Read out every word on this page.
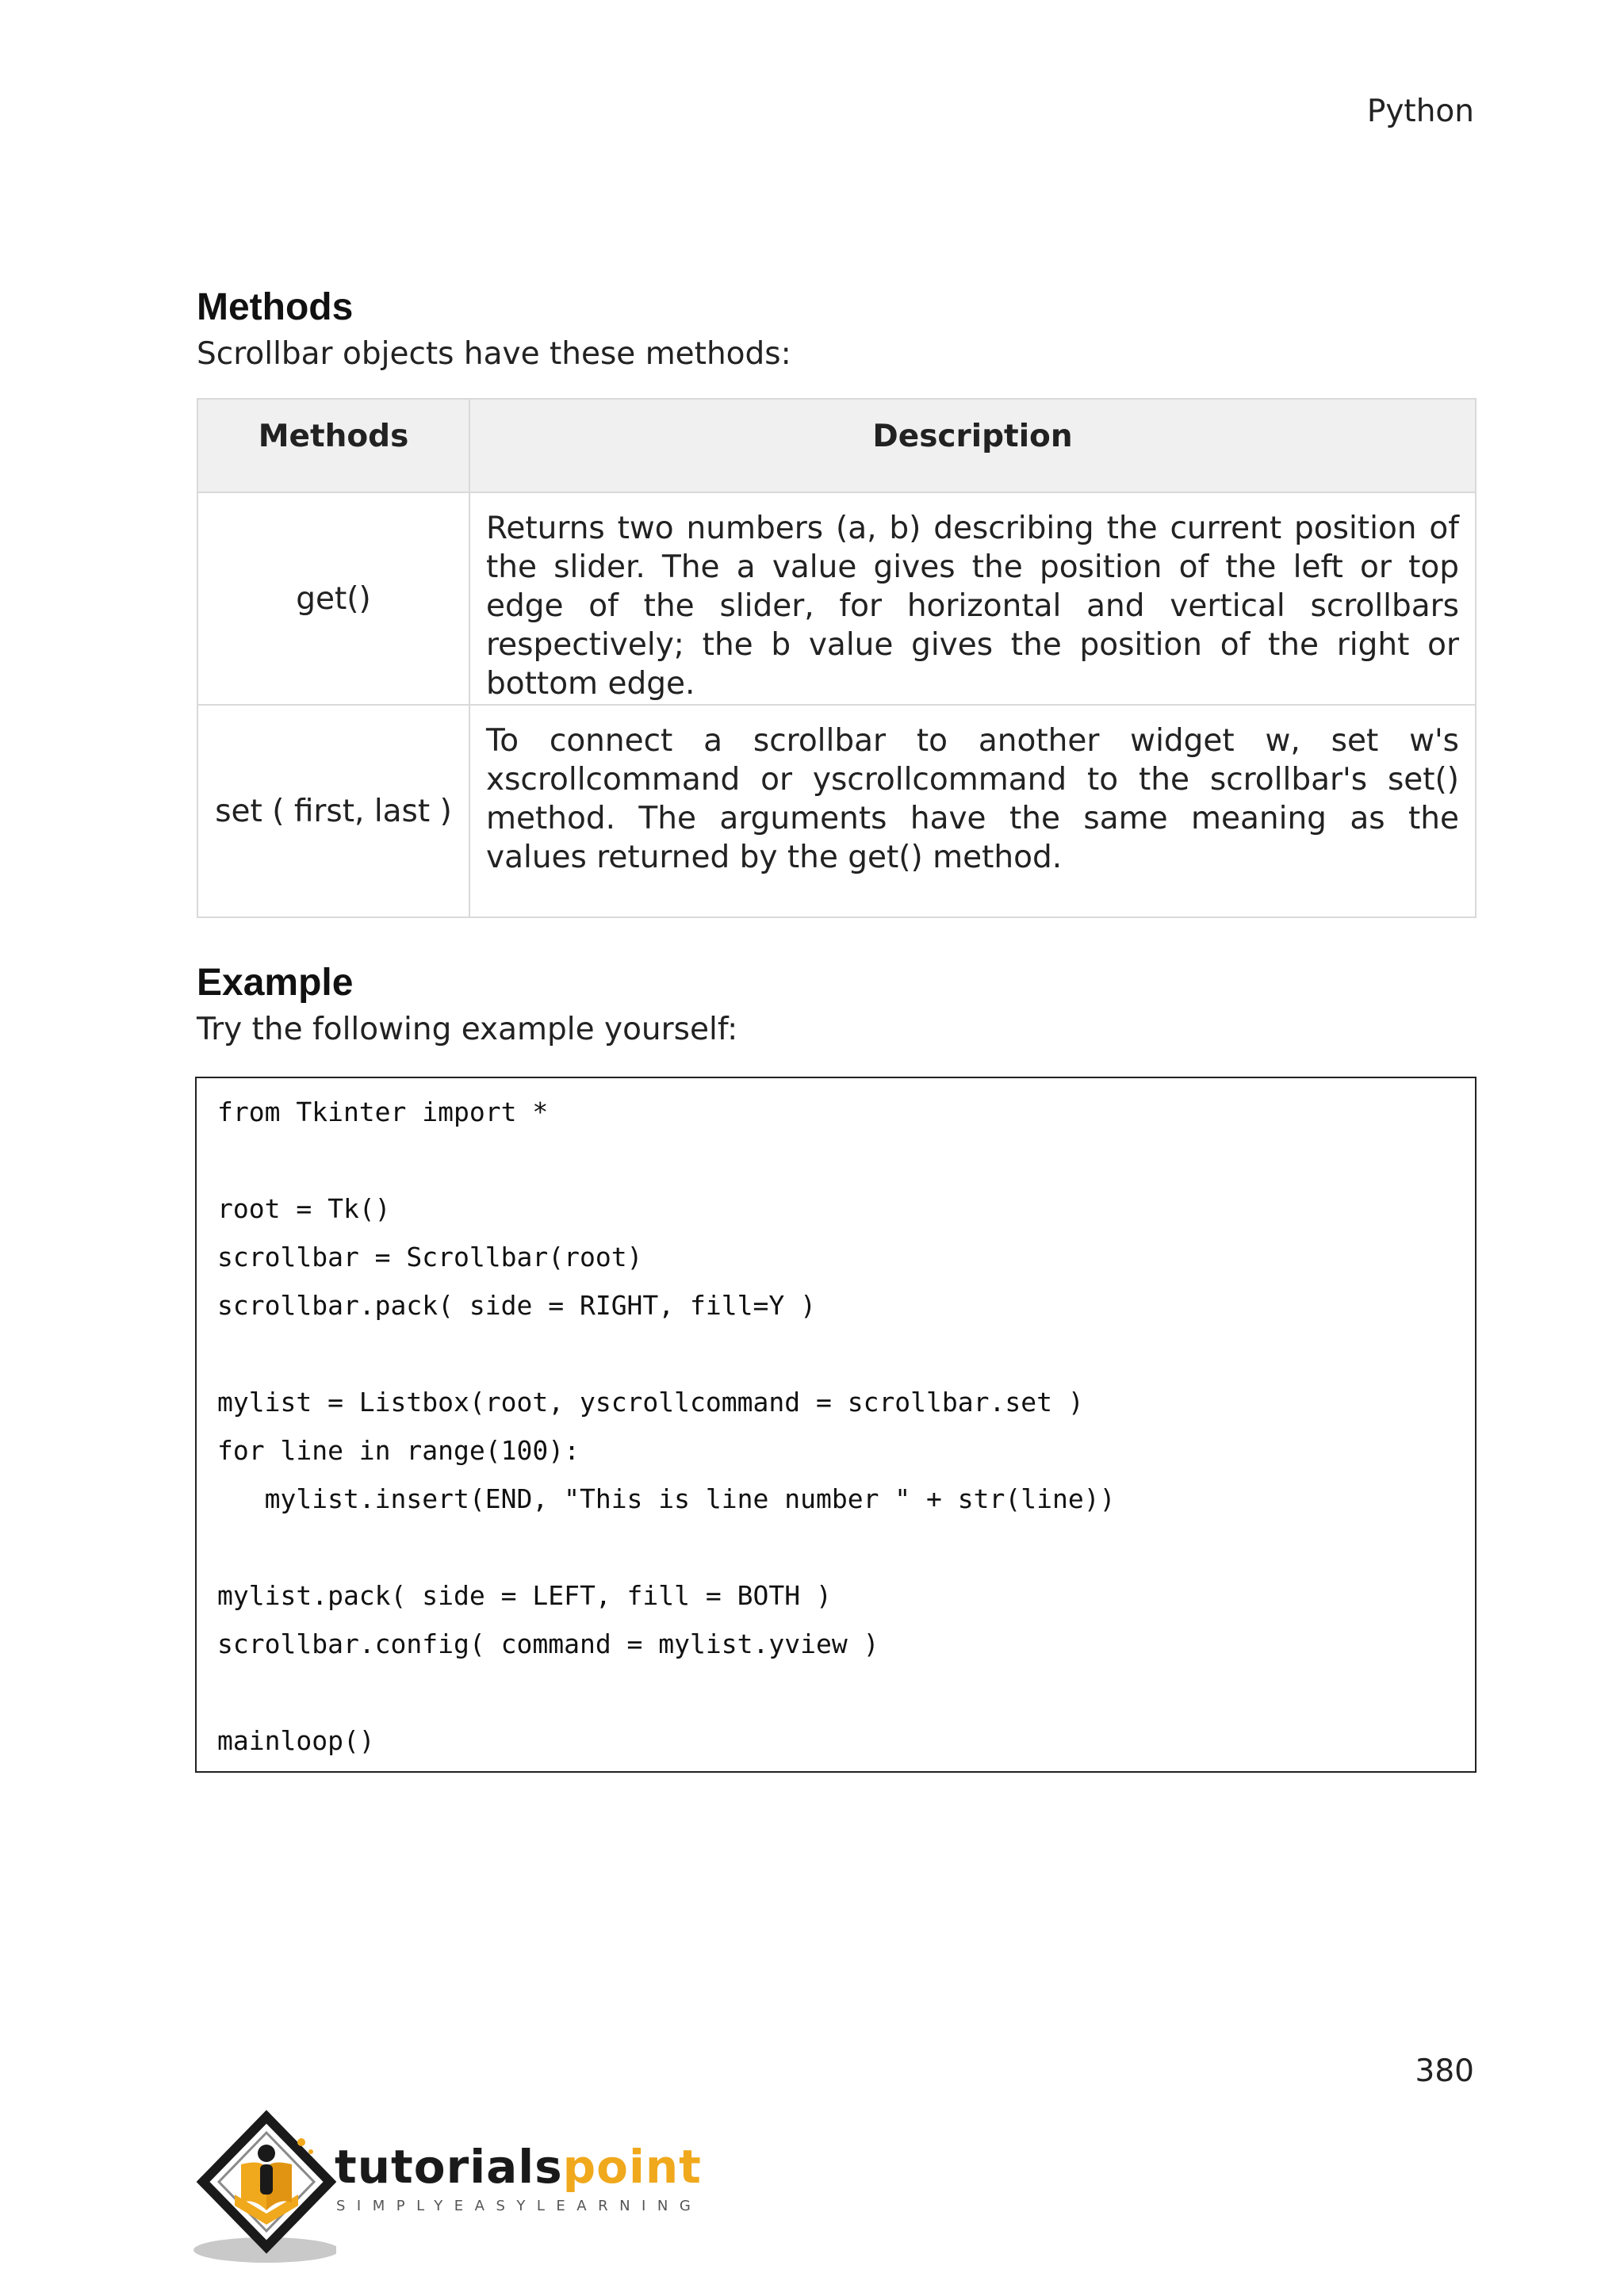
Python
Methods
Scrollbar objects have these methods:
Methods	Description
get()	Returns two numbers (a, b) describing the current position of the slider. The a value gives the position of the left or top edge of the slider, for horizontal and vertical scrollbars respectively; the b value gives the position of the right or bottom edge.
set ( first, last )	To connect a scrollbar to another widget w, set w's xscrollcommand or yscrollcommand to the scrollbar's set() method. The arguments have the same meaning as the values returned by the get() method.
Example
Try the following example yourself:
from Tkinter import *
root = Tk()
scrollbar = Scrollbar(root)
scrollbar.pack( side = RIGHT, fill=Y )
mylist = Listbox(root, yscrollcommand = scrollbar.set )
for line in range(100):
mylist.insert(END, "This is line number " + str(line))
mylist.pack( side = LEFT, fill = BOTH )
scrollbar.config( command = mylist.yview )
mainloop()
380
tutorialspoint
SIMPLYEASYLEARNING
